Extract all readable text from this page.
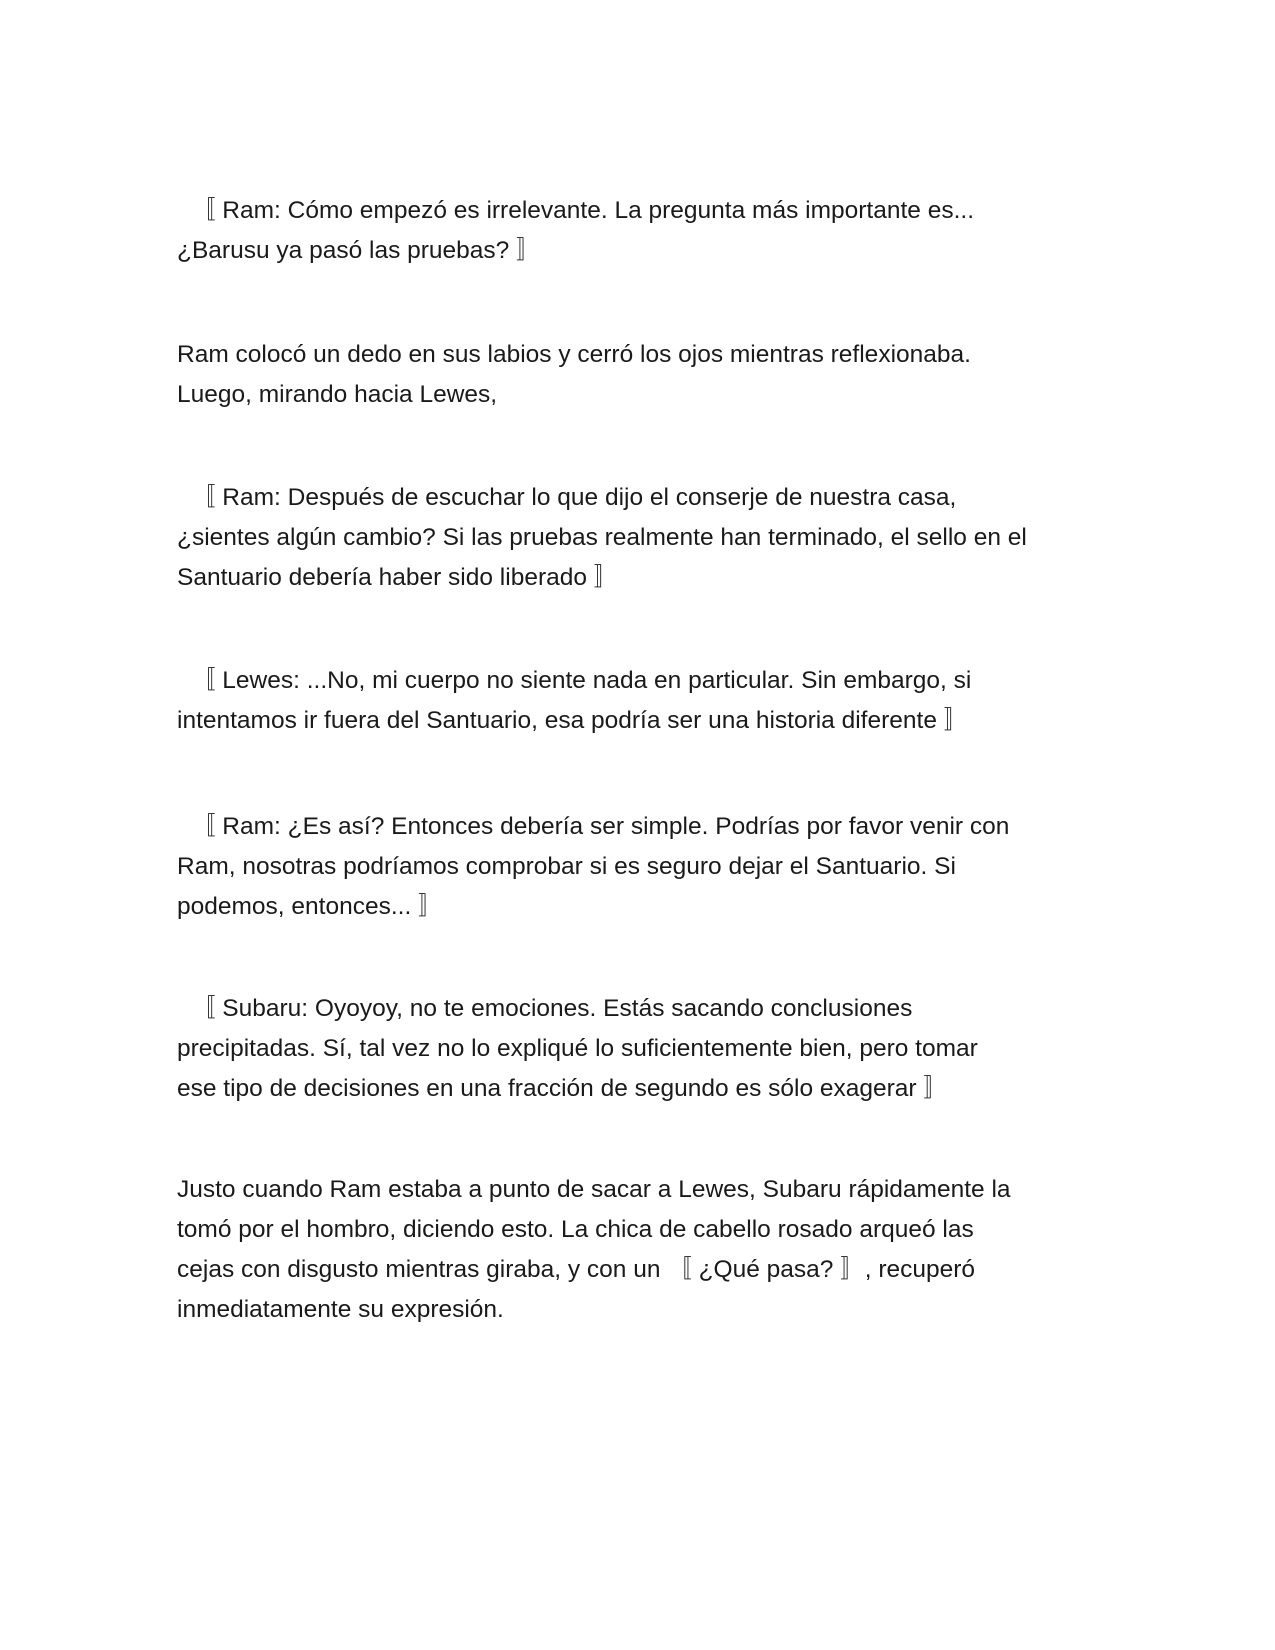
〚 Ram: Cómo empezó es irrelevante. La pregunta más importante es...
¿Barusu ya pasó las pruebas? 〛

Ram colocó un dedo en sus labios y cerró los ojos mientras reflexionaba.
Luego, mirando hacia Lewes,

〚 Ram: Después de escuchar lo que dijo el conserje de nuestra casa,
¿sientes algún cambio? Si las pruebas realmente han terminado, el sello en el
Santuario debería haber sido liberado 〛

〚 Lewes: ...No, mi cuerpo no siente nada en particular. Sin embargo, si
intentamos ir fuera del Santuario, esa podría ser una historia diferente 〛

〚 Ram: ¿Es así? Entonces debería ser simple. Podrías por favor venir con
Ram, nosotras podríamos comprobar si es seguro dejar el Santuario. Si
podemos, entonces... 〛

〚 Subaru: Oyoyoy, no te emociones. Estás sacando conclusiones
precipitadas. Sí, tal vez no lo expliqué lo suficientemente bien, pero tomar
ese tipo de decisiones en una fracción de segundo es sólo exagerar 〛

Justo cuando Ram estaba a punto de sacar a Lewes, Subaru rápidamente la
tomó por el hombro, diciendo esto. La chica de cabello rosado arqueó las
cejas con disgusto mientras giraba, y con un 〚 ¿Qué pasa? 〛, recuperó
inmediatamente su expresión.
